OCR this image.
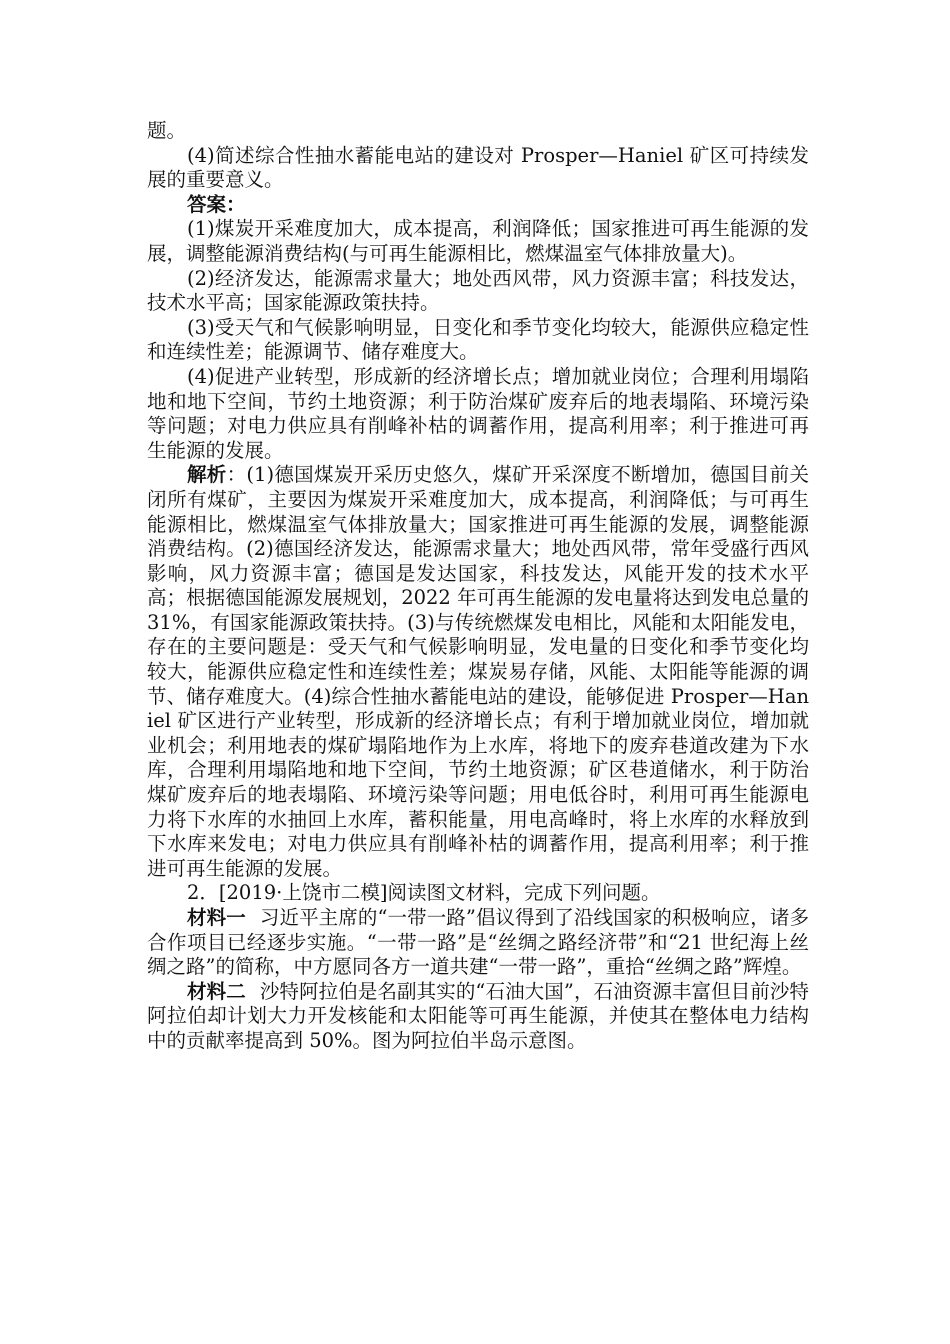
题。

(4)简述综合性抽水蓄能电站的建设对 Prosper—Haniel 矿区可持续发展的重要意义。

答案：

(1)煤炭开采难度加大，成本提高，利润降低；国家推进可再生能源的发展，调整能源消费结构(与可再生能源相比，燃煤温室气体排放量大)。

(2)经济发达，能源需求量大；地处西风带，风力资源丰富；科技发达，技术水平高；国家能源政策扶持。

(3)受天气和气候影响明显，日变化和季节变化均较大，能源供应稳定性和连续性差；能源调节、储存难度大。

(4)促进产业转型，形成新的经济增长点；增加就业岗位；合理利用塌陷地和地下空间，节约土地资源；利于防治煤矿废弃后的地表塌陷、环境污染等问题；对电力供应具有削峰补枯的调蓄作用，提高利用率；利于推进可再生能源的发展。

解析：(1)德国煤炭开采历史悠久，煤矿开采深度不断增加，德国目前关闭所有煤矿，主要因为煤炭开采难度加大，成本提高，利润降低；与可再生能源相比，燃煤温室气体排放量大；国家推进可再生能源的发展，调整能源消费结构。(2)德国经济发达，能源需求量大；地处西风带，常年受盛行西风影响，风力资源丰富；德国是发达国家，科技发达，风能开发的技术水平高；根据德国能源发展规划，2022 年可再生能源的发电量将达到发电总量的 31%，有国家能源政策扶持。(3)与传统燃煤发电相比，风能和太阳能发电，存在的主要问题是：受天气和气候影响明显，发电量的日变化和季节变化均较大，能源供应稳定性和连续性差；煤炭易存储，风能、太阳能等能源的调节、储存难度大。(4)综合性抽水蓄能电站的建设，能够促进 Prosper—Haniel 矿区进行产业转型，形成新的经济增长点；有利于增加就业岗位，增加就业机会；利用地表的煤矿塌陷地作为上水库，将地下的废弃巷道改建为下水库，合理利用塌陷地和地下空间，节约土地资源；矿区巷道储水，利于防治煤矿废弃后的地表塌陷、环境污染等问题；用电低谷时，利用可再生能源电力将下水库的水抽回上水库，蓄积能量，用电高峰时，将上水库的水释放到下水库来发电；对电力供应具有削峰补枯的调蓄作用，提高利用率；利于推进可再生能源的发展。

2．[2019·上饶市二模]阅读图文材料，完成下列问题。

材料一 习近平主席的“一带一路”倡议得到了沿线国家的积极响应，诸多合作项目已经逐步实施。“一带一路”是“丝绸之路经济带”和“21 世纪海上丝绸之路”的简称，中方愿同各方一道共建“一带一路”，重拾“丝绸之路”辉煌。

材料二 沙特阿拉伯是名副其实的“石油大国”，石油资源丰富但目前沙特阿拉伯却计划大力开发核能和太阳能等可再生能源，并使其在整体电力结构中的贡献率提高到 50%。图为阿拉伯半岛示意图。
